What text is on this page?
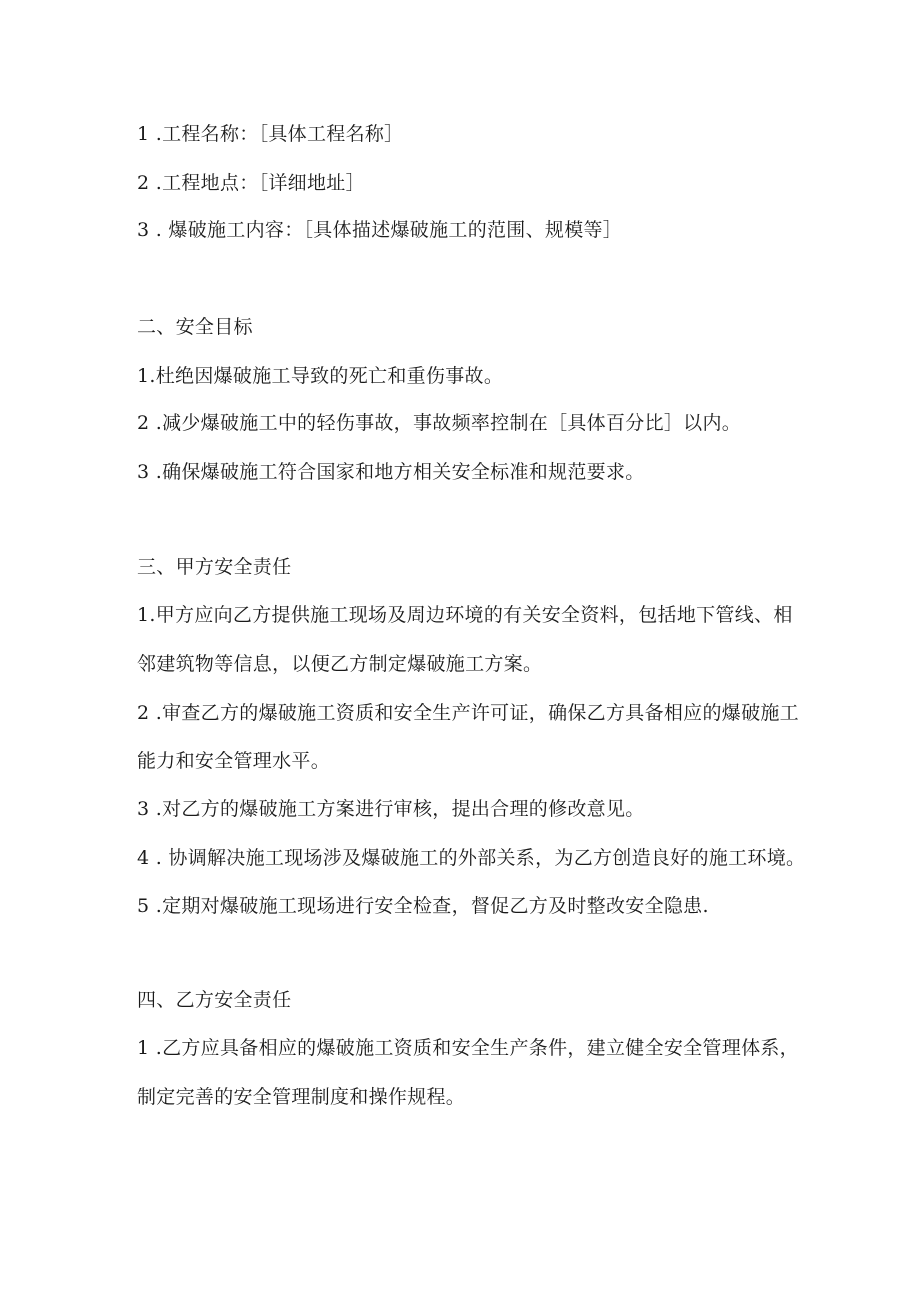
1 .工程名称：［具体工程名称］
2 .工程地点：［详细地址］
3 . 爆破施工内容：［具体描述爆破施工的范围、规模等］
二、安全目标
1.杜绝因爆破施工导致的死亡和重伤事故。
2 .减少爆破施工中的轻伤事故，事故频率控制在［具体百分比］以内。
3 .确保爆破施工符合国家和地方相关安全标准和规范要求。
三、甲方安全责任
1.甲方应向乙方提供施工现场及周边环境的有关安全资料，包括地下管线、相
邻建筑物等信息，以便乙方制定爆破施工方案。
2 .审查乙方的爆破施工资质和安全生产许可证，确保乙方具备相应的爆破施工
能力和安全管理水平。
3 .对乙方的爆破施工方案进行审核，提出合理的修改意见。
4 . 协调解决施工现场涉及爆破施工的外部关系，为乙方创造良好的施工环境。
5 .定期对爆破施工现场进行安全检查，督促乙方及时整改安全隐患.
四、乙方安全责任
1 .乙方应具备相应的爆破施工资质和安全生产条件，建立健全安全管理体系，
制定完善的安全管理制度和操作规程。
